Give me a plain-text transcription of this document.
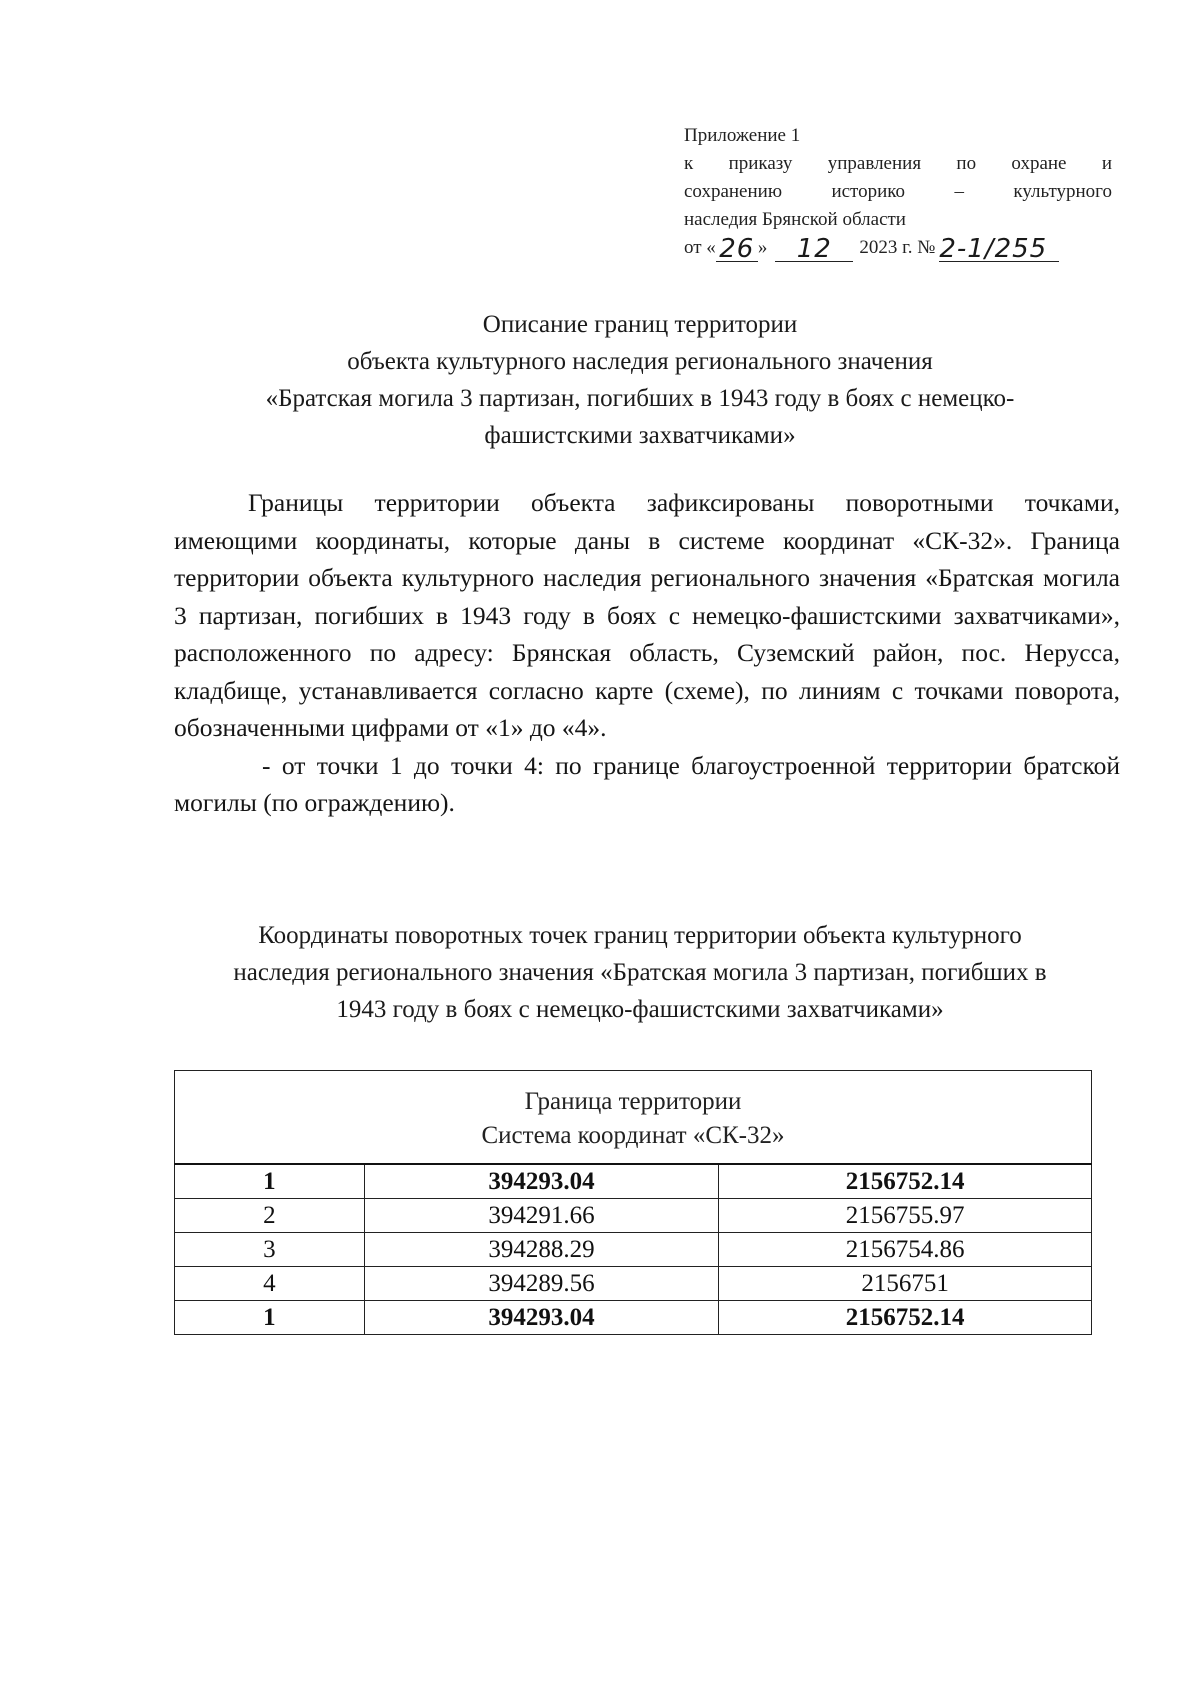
Приложение 1
к приказу управления по охране и
сохранению историко – культурного
наследия Брянской области
от « 26 »	12	2023 г. № 2-1/255
Описание границ территории
объекта культурного наследия регионального значения
«Братская могила 3 партизан, погибших в 1943 году в боях с немецко-
фашистскими захватчиками»

Границы территории объекта зафиксированы поворотными точками, имеющими координаты, которые даны в системе координат «СК-32». Граница территории объекта культурного наследия регионального значения «Братская могила 3 партизан, погибших в 1943 году в боях с немецко-фашистскими захватчиками», расположенного по адресу: Брянская область, Суземский район, пос. Нерусса, кладбище, устанавливается согласно карте (схеме), по линиям с точками поворота, обозначенными цифрами от «1» до «4».

- от точки 1 до точки 4: по границе благоустроенной территории братской могилы (по ограждению).

Координаты поворотных точек границ территории объекта культурного
наследия регионального значения «Братская могила 3 партизан, погибших в
1943 году в боях с немецко-фашистскими захватчиками»
Граница территории
Система координат «СК-32»		

1	394293.04	2156752.14
2	394291.66	2156755.97
3	394288.29	2156754.86
4	394289.56	2156751
1	394293.04	2156752.14
